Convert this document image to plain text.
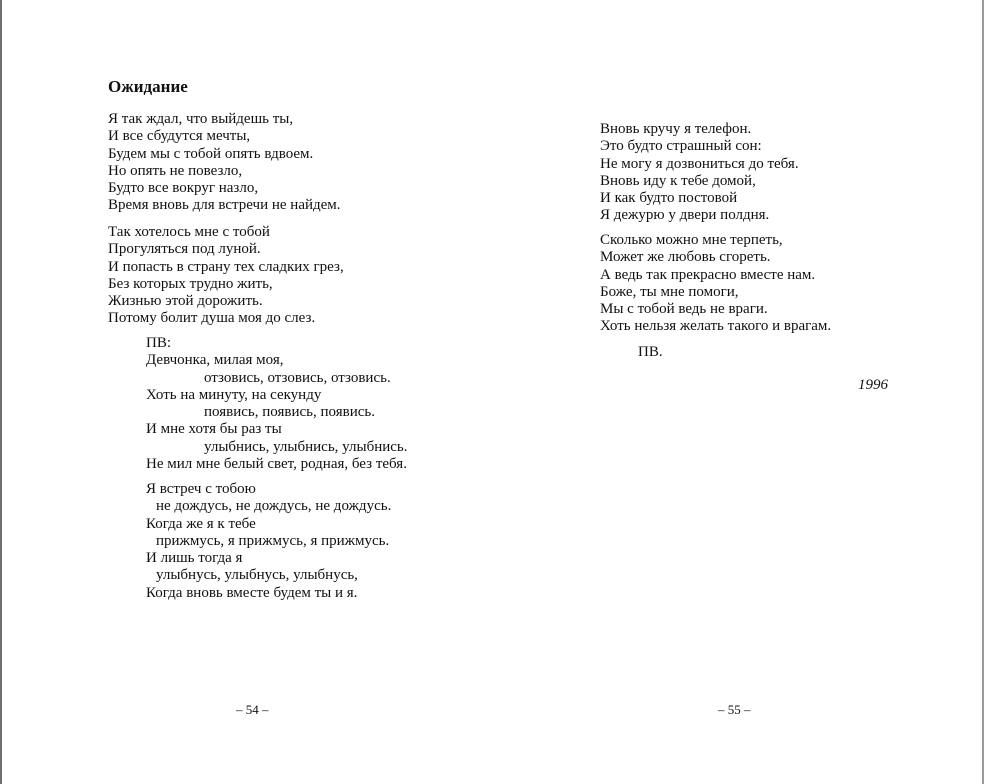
Ожидание
Я так ждал, что выйдешь ты,
И все сбудутся мечты,
Будем мы с тобой опять вдвоем.
Но опять не повезло,
Будто все вокруг назло,
Время вновь для встречи не найдем.
Так хотелось мне с тобой
Прогуляться под луной.
И попасть в страну тех сладких грез,
Без которых трудно жить,
Жизнью этой дорожить.
Потому болит душа моя до слез.
ПВ:
Девчонка, милая моя,
отзовись, отзовись, отзовись.
Хоть на минуту, на секунду
появись, появись, появись.
И мне хотя бы раз ты
улыбнись, улыбнись, улыбнись.
Не мил мне белый свет, родная, без тебя.
Я встреч с тобою
не дождусь, не дождусь, не дождусь.
Когда же я к тебе
прижмусь, я прижмусь, я прижмусь.
И лишь тогда я
улыбнусь, улыбнусь, улыбнусь,
Когда вновь вместе будем ты и я.
– 54 –
Вновь кручу я телефон.
Это будто страшный сон:
Не могу я дозвониться до тебя.
Вновь иду к тебе домой,
И как будто постовой
Я дежурю у двери полдня.
Сколько можно мне терпеть,
Может же любовь сгореть.
А ведь так прекрасно вместе нам.
Боже, ты мне помоги,
Мы с тобой ведь не враги.
Хоть нельзя желать такого и врагам.
ПВ.
1996
– 55 –
